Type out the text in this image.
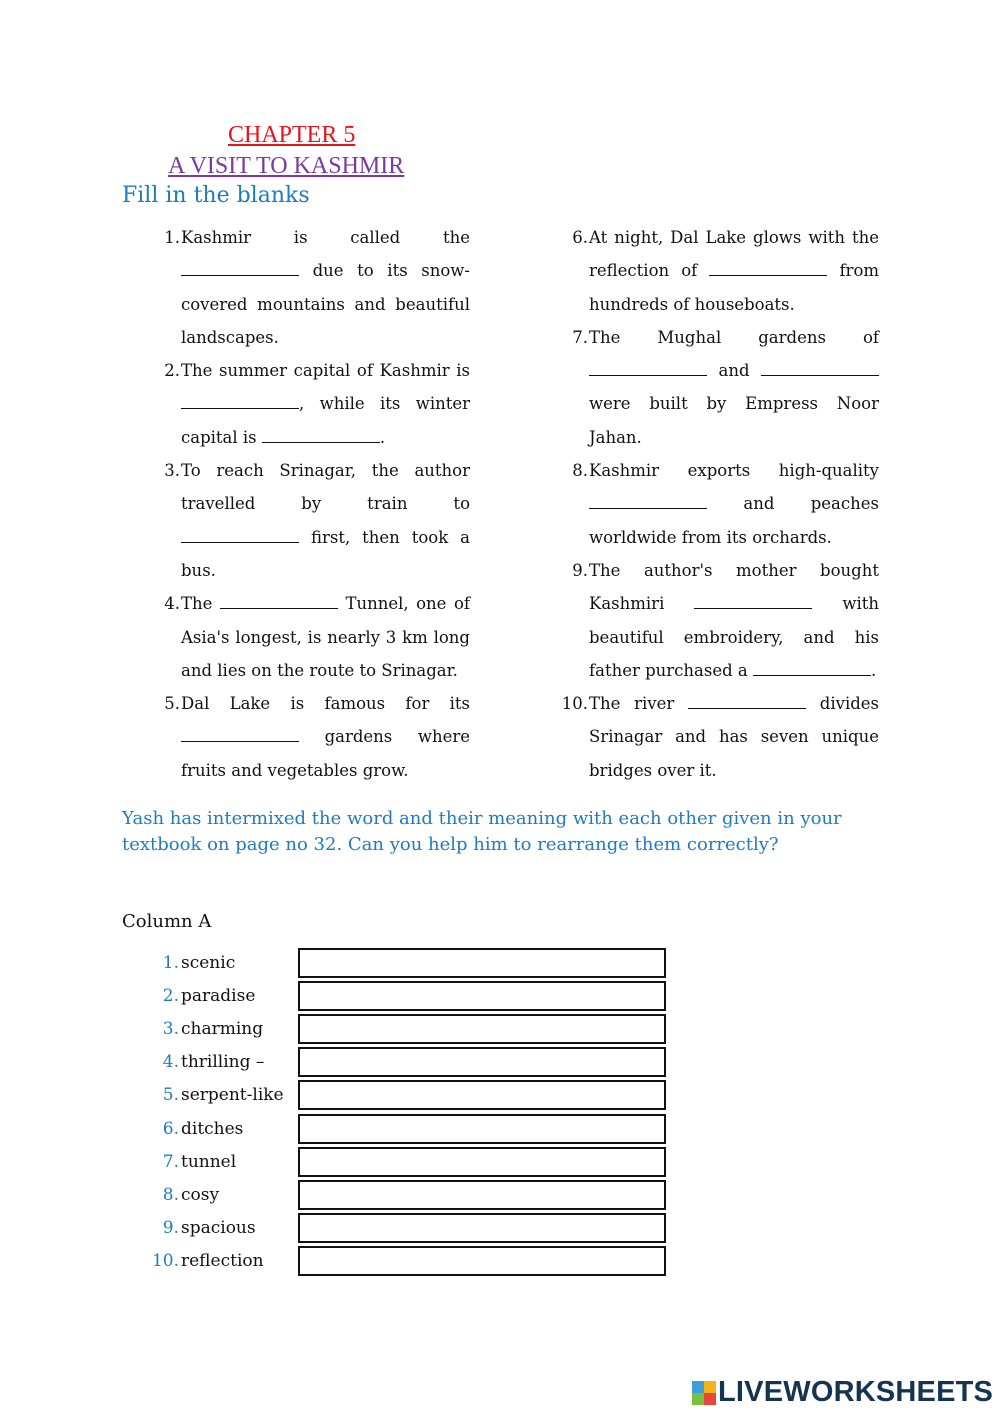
CHAPTER 5
A VISIT TO KASHMIR
Fill in the blanks
1. Kashmir is called the  due to its snow-covered mountains and beautiful landscapes.
2. The summer capital of Kashmir is , while its winter capital is	.
3. To reach Srinagar, the author travelled by train to  first, then took a bus.
4. The	Tunnel, one of Asia's longest, is nearly 3 km long and lies on the route to Srinagar.
5. Dal Lake is famous for its  gardens where fruits and vegetables grow.
6. At night, Dal Lake glows with the reflection of	from hundreds of houseboats.
7. The Mughal gardens of  and  were built by Empress Noor Jahan.
8. Kashmir exports high-quality  and peaches worldwide from its orchards.
9. The author's mother bought Kashmiri	with beautiful embroidery, and his father purchased a	.
10. The river	divides Srinagar and has seven unique bridges over it.
Yash has intermixed the word and their meaning with each other given in your textbook on page no 32. Can you help him to rearrange them correctly?
Column A
1. scenic
2. paradise
3. charming
4. thrilling –
5. serpent-like
6. ditches
7. tunnel
8. cosy
9. spacious
10. reflection
LIVEWORKSHEETS
